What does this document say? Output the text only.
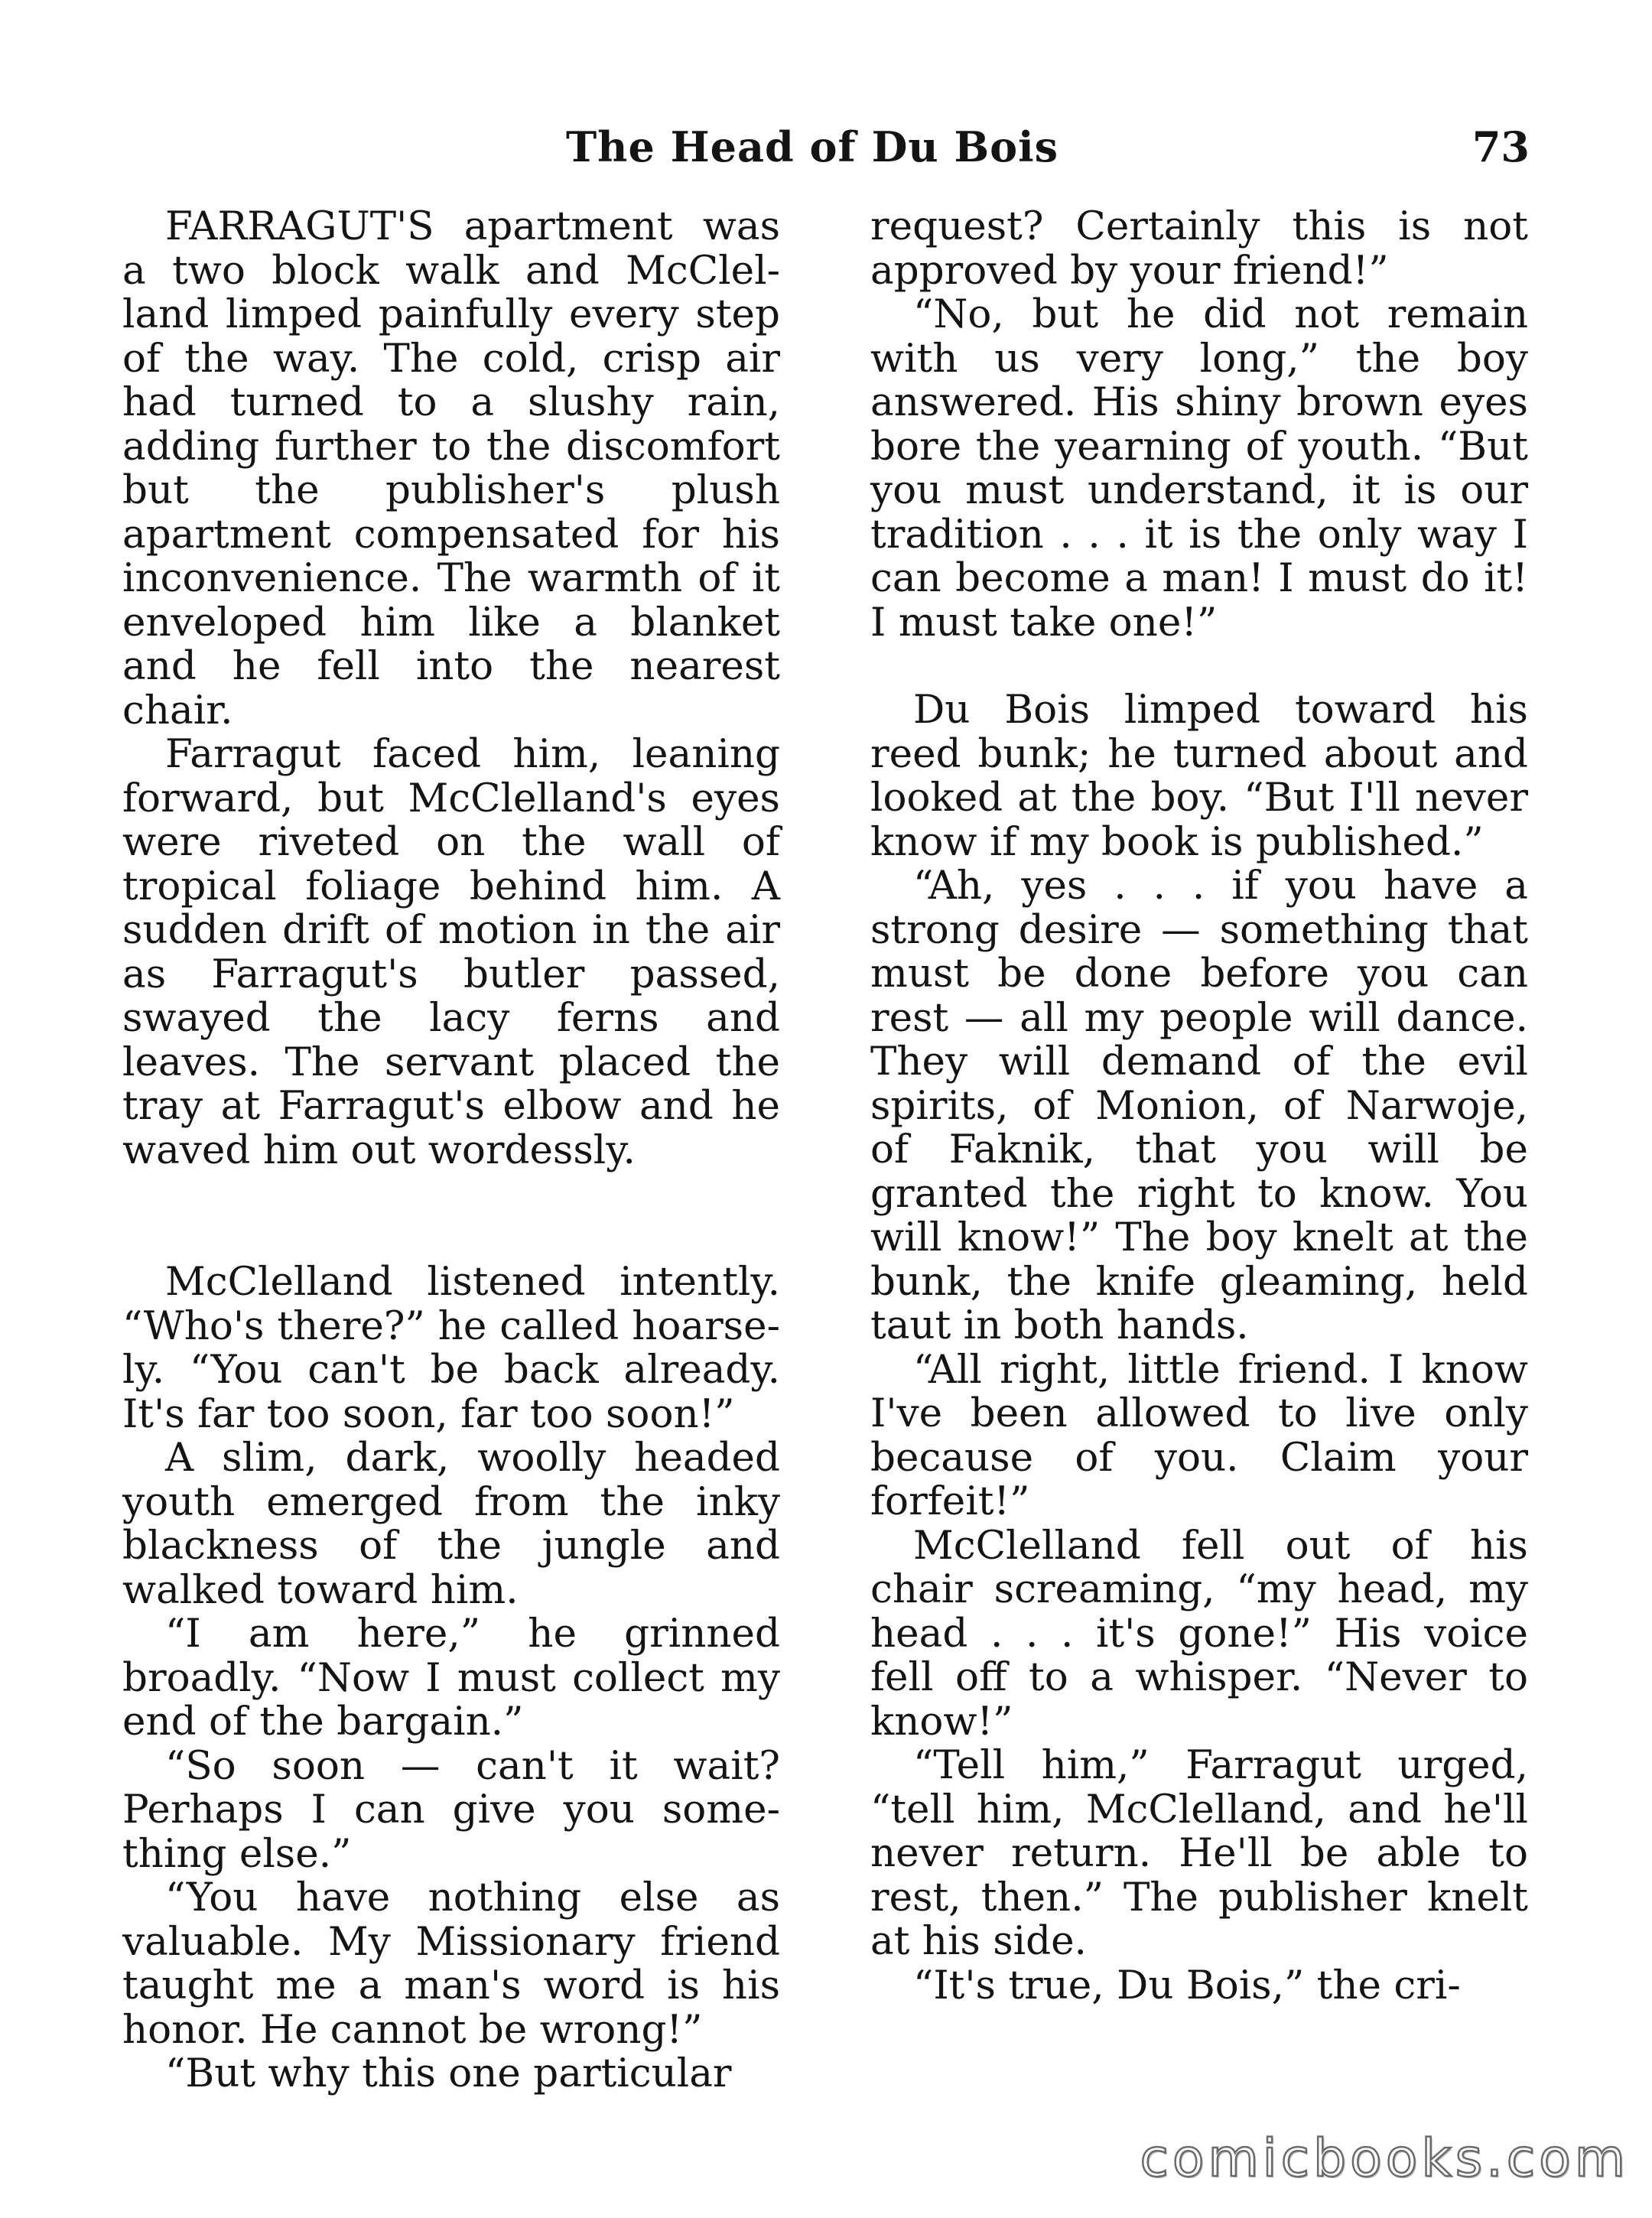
The Head of Du Bois	73

FARRAGUT'S apartment was a two block walk and McClelland limped painfully every step of the way. The cold, crisp air had turned to a slushy rain, adding further to the discomfort but the publisher's plush apartment compensated for his inconvenience. The warmth of it enveloped him like a blanket and he fell into the nearest chair.

Farragut faced him, leaning forward, but McClelland's eyes were riveted on the wall of tropical foliage behind him. A sudden drift of motion in the air as Farragut's butler passed, swayed the lacy ferns and leaves. The servant placed the tray at Farragut's elbow and he waved him out wordessly.

McClelland listened intently. “Who's there?” he called hoarsely. “You can't be back already. It's far too soon, far too soon!”

A slim, dark, woolly headed youth emerged from the inky blackness of the jungle and walked toward him.

“I am here,” he grinned broadly. “Now I must collect my end of the bargain.”

“So soon — can't it wait? Perhaps I can give you something else.”

“You have nothing else as valuable. My Missionary friend taught me a man's word is his honor. He cannot be wrong!”

“But why this one particular

request? Certainly this is not approved by your friend!”

“No, but he did not remain with us very long,” the boy answered. His shiny brown eyes bore the yearning of youth. “But you must understand, it is our tradition . . . it is the only way I can become a man! I must do it! I must take one!”

Du Bois limped toward his reed bunk; he turned about and looked at the boy. “But I'll never know if my book is published.”

“Ah, yes . . . if you have a strong desire — something that must be done before you can rest — all my people will dance. They will demand of the evil spirits, of Monion, of Narwoje, of Faknik, that you will be granted the right to know. You will know!” The boy knelt at the bunk, the knife gleaming, held taut in both hands.

“All right, little friend. I know I've been allowed to live only because of you. Claim your forfeit!”

McClelland fell out of his chair screaming, “my head, my head . . . it's gone!” His voice fell off to a whisper. “Never to know!”

“Tell him,” Farragut urged, “tell him, McClelland, and he'll never return. He'll be able to rest, then.” The publisher knelt at his side.

“It's true, Du Bois,” the cri-

comicbooks.com
